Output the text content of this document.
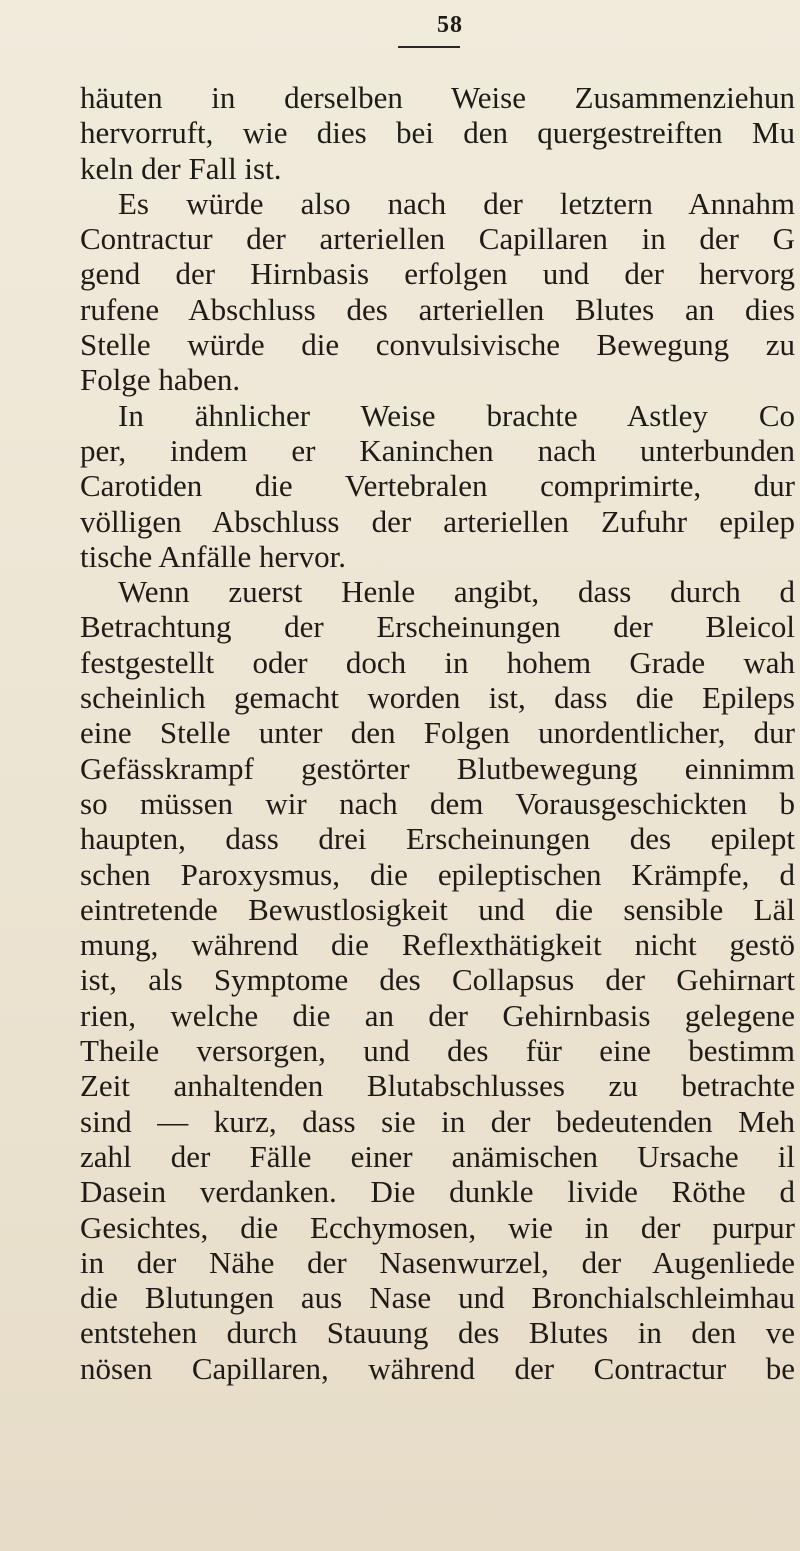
58
häuten in derselben Weise Zusammenziehun
hervorruft, wie dies bei den quergestreiften Mu
keln der Fall ist.
Es würde also nach der letztern Annahm
Contractur der arteriellen Capillaren in der G
gend der Hirnbasis erfolgen und der hervorg
rufene Abschluss des arteriellen Blutes an dies
Stelle würde die convulsivische Bewegung zu
Folge haben.
In ähnlicher Weise brachte Astley Co
per, indem er Kaninchen nach unterbunden
Carotiden die Vertebralen comprimirte, dur
völligen Abschluss der arteriellen Zufuhr epilep
tische Anfälle hervor.
Wenn zuerst Henle angibt, dass durch d
Betrachtung der Erscheinungen der Bleicol
festgestellt oder doch in hohem Grade wah
scheinlich gemacht worden ist, dass die Epileps
eine Stelle unter den Folgen unordentlicher, dur
Gefässkrampf gestörter Blutbewegung einnimm
so müssen wir nach dem Vorausgeschickten b
haupten, dass drei Erscheinungen des epilept
schen Paroxysmus, die epileptischen Krämpfe, d
eintretende Bewustlosigkeit und die sensible Läl
mung, während die Reflexthätigkeit nicht gestö
ist, als Symptome des Collapsus der Gehirnart
rien, welche die an der Gehirnbasis gelegene
Theile versorgen, und des für eine bestimm
Zeit anhaltenden Blutabschlusses zu betrachte
sind — kurz, dass sie in der bedeutenden Meh
zahl der Fälle einer anämischen Ursache il
Dasein verdanken. Die dunkle livide Röthe d
Gesichtes, die Ecchymosen, wie in der purpur
in der Nähe der Nasenwurzel, der Augenliede
die Blutungen aus Nase und Bronchialschleimhau
entstehen durch Stauung des Blutes in den ve
nösen Capillaren, während der Contractur be
